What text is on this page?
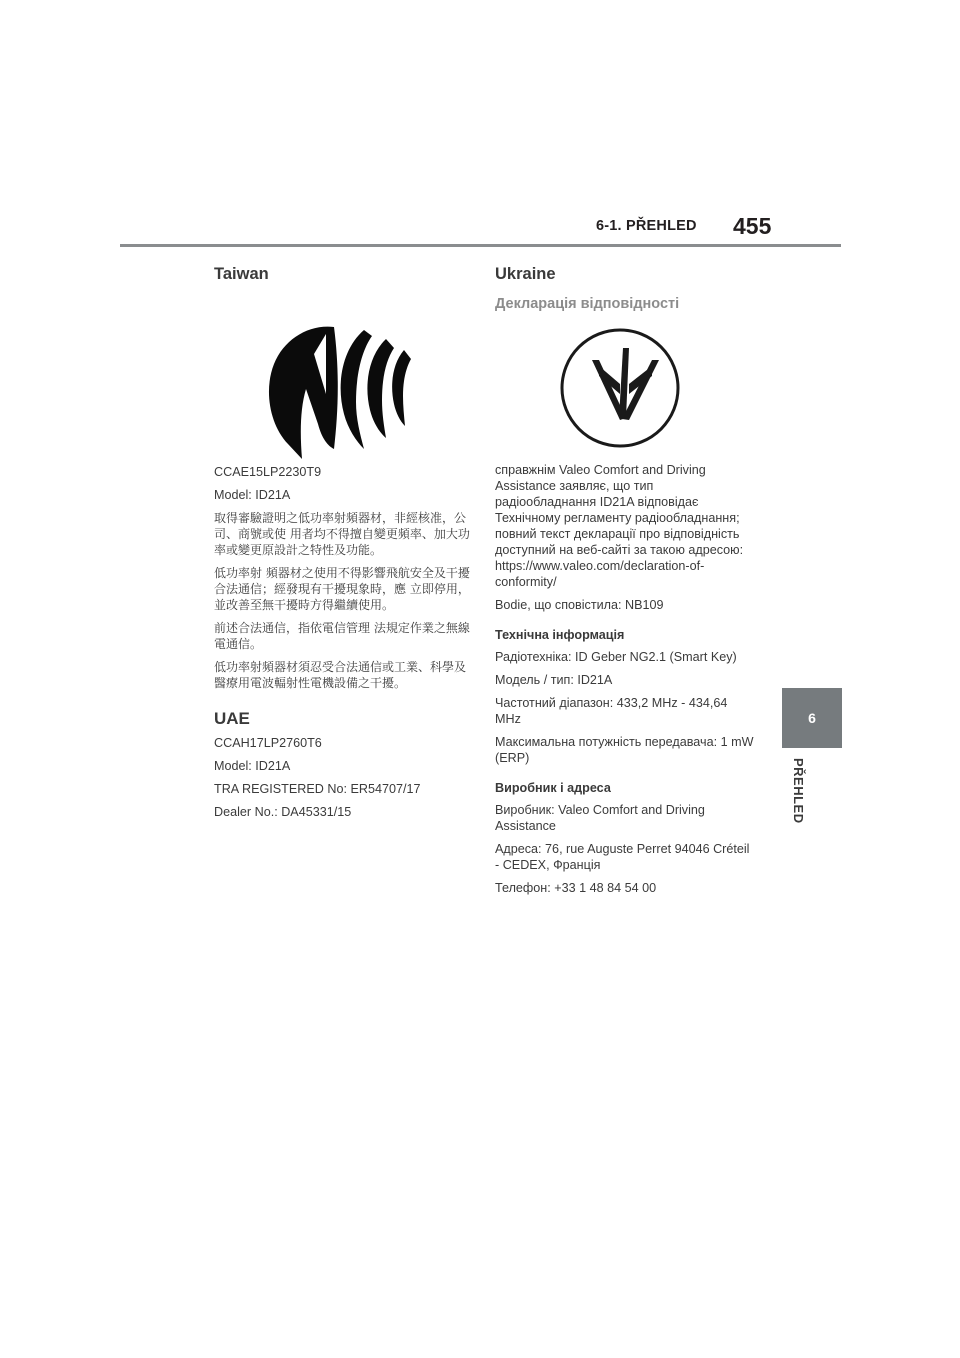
6-1. PŘEHLED 455
Taiwan

CCAE15LP2230T9

Model: ID21A

取得審驗證明之低功率射頻器材，非經核准，公司、商號或使 用者均不得擅自變更頻率、加大功率或變更原設計之特性及功能。

低功率射 頻器材之使用不得影響飛航安全及干擾合法通信；經發現有干擾現象時，應 立即停用，並改善至無干擾時方得繼續使用。

前述合法通信，指依電信管理 法規定作業之無線電通信。

低功率射頻器材須忍受合法通信或工業、科學及醫療用電波輻射性電機設備之干擾。

UAE

CCAH17LP2760T6

Model: ID21A

TRA REGISTERED No: ER54707/17

Dealer No.: DA45331/15

Ukraine
Декларація відповідності

справжнім Valeo Comfort and Driving Assistance заявляє, що тип радіообладнання ID21A відповідає Технічному регламенту радіообладнання; повний текст декларації про відповідність доступний на веб-сайті за такою адресою: https://www.valeo.com/declaration-of-conformity/

Bodie, що сповістила: NB109

Технічна інформація

Радіотехніка: ID Geber NG2.1 (Smart Key)

Модель / тип: ID21A

Частотний діапазон: 433,2 MHz - 434,64 MHz

Максимальна потужність передавача: 1 mW (ERP)

Виробник і адреса

Виробник: Valeo Comfort and Driving Assistance

Адреса: 76, rue Auguste Perret 94046 Créteil - CEDEX, Франція

Телефон: +33 1 48 84 54 00

6
PŘEHLED
